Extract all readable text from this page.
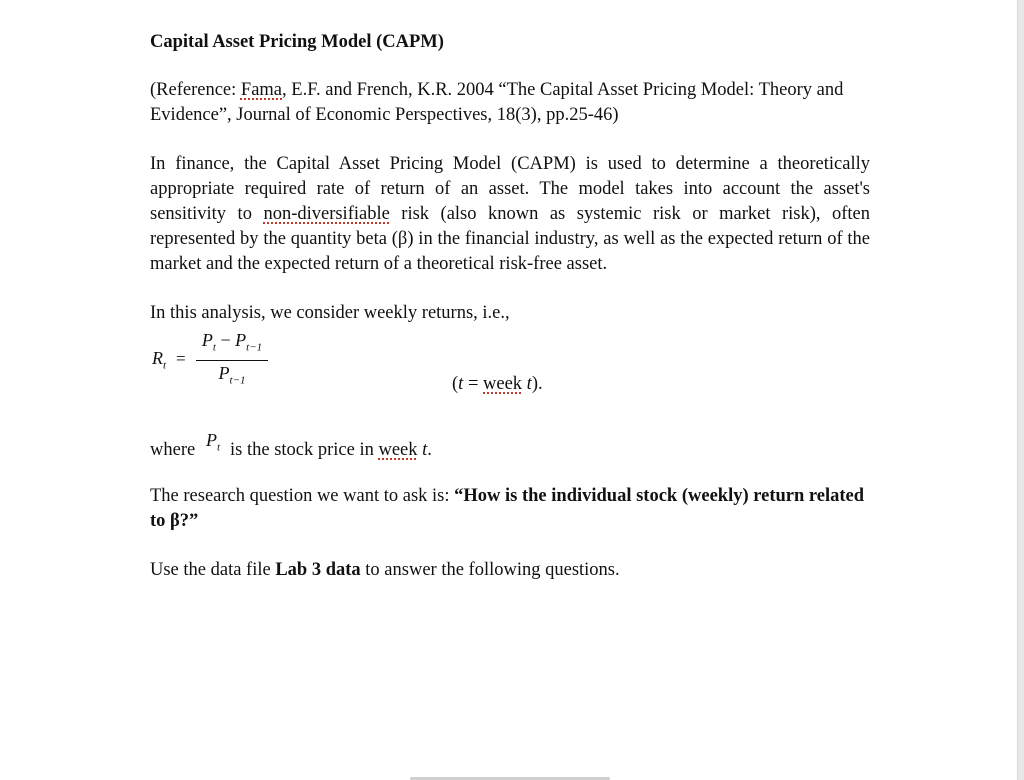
Capital Asset Pricing Model (CAPM)

(Reference: Fama, E.F. and French, K.R. 2004 “The Capital Asset Pricing Model: Theory and Evidence”, Journal of Economic Perspectives, 18(3), pp.25-46)

In finance, the Capital Asset Pricing Model (CAPM) is used to determine a theoretically appropriate required rate of return of an asset. The model takes into account the asset's sensitivity to non-diversifiable risk (also known as systemic risk or market risk), often represented by the quantity beta (β) in the financial industry, as well as the expected return of the market and the expected return of a theoretical risk-free asset.

In this analysis, we consider weekly returns, i.e.,

$R_t = \frac{P_t - P_{t-1}}{P_{t-1}}$	(t = week t).
where $P_t$ is the stock price in week t.

The research question we want to ask is: “How is the individual stock (weekly) return related to β?”

Use the data file Lab 3 data to answer the following questions.
